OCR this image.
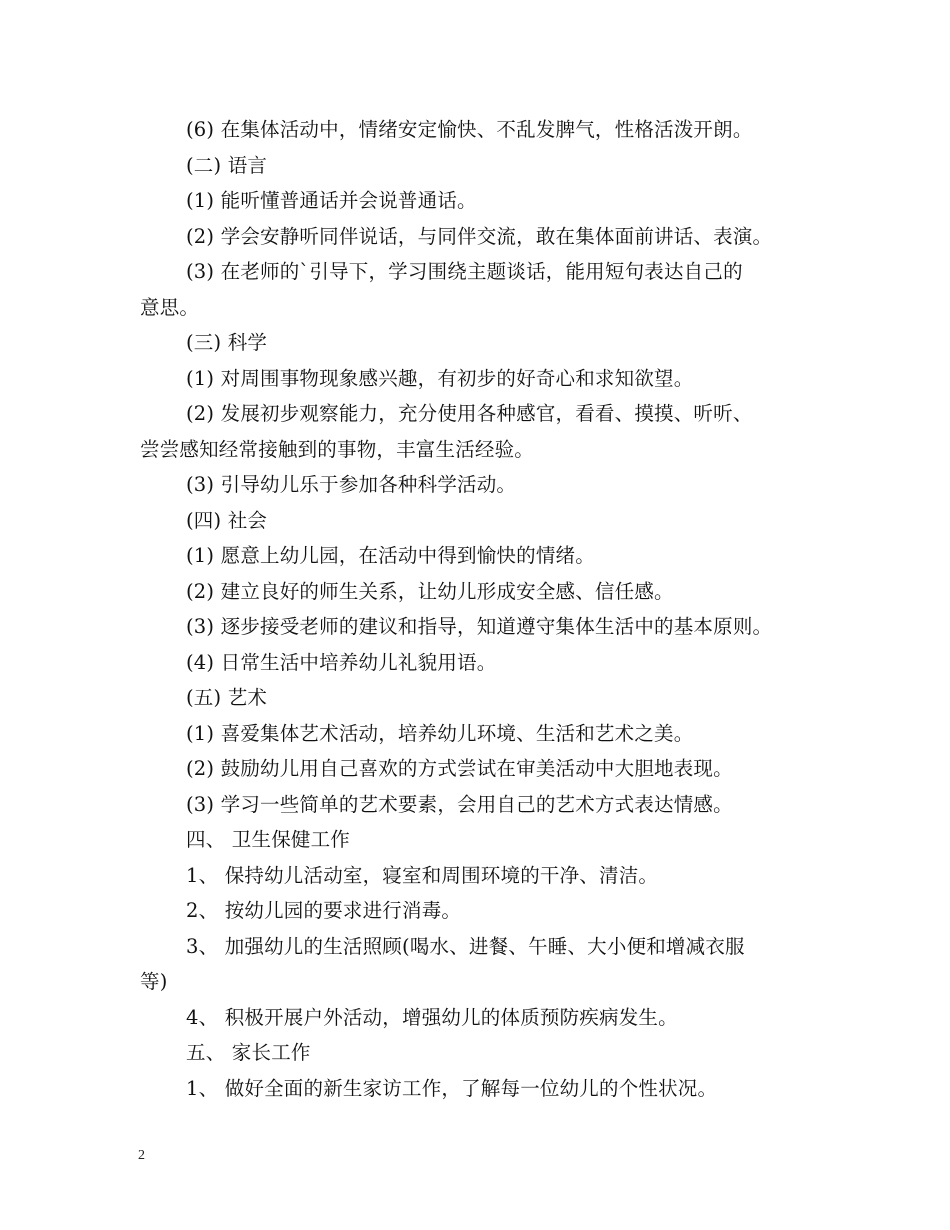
(6) 在集体活动中，情绪安定愉快、不乱发脾气，性格活泼开朗。

(二) 语言

(1) 能听懂普通话并会说普通话。

(2) 学会安静听同伴说话，与同伴交流，敢在集体面前讲话、表演。

(3) 在老师的`引导下，学习围绕主题谈话，能用短句表达自己的

意思。

(三) 科学

(1) 对周围事物现象感兴趣，有初步的好奇心和求知欲望。

(2) 发展初步观察能力，充分使用各种感官，看看、摸摸、听听、

尝尝感知经常接触到的事物，丰富生活经验。

(3) 引导幼儿乐于参加各种科学活动。

(四) 社会

(1) 愿意上幼儿园，在活动中得到愉快的情绪。

(2) 建立良好的师生关系，让幼儿形成安全感、信任感。

(3) 逐步接受老师的建议和指导，知道遵守集体生活中的基本原则。

(4) 日常生活中培养幼儿礼貌用语。

(五) 艺术

(1) 喜爱集体艺术活动，培养幼儿环境、生活和艺术之美。

(2) 鼓励幼儿用自己喜欢的方式尝试在审美活动中大胆地表现。

(3) 学习一些简单的艺术要素，会用自己的艺术方式表达情感。

四、 卫生保健工作

1、 保持幼儿活动室，寝室和周围环境的干净、清洁。

2、 按幼儿园的要求进行消毒。

3、 加强幼儿的生活照顾(喝水、进餐、午睡、大小便和增减衣服

等)

4、 积极开展户外活动，增强幼儿的体质预防疾病发生。

五、 家长工作

1、 做好全面的新生家访工作，了解每一位幼儿的个性状况。

2
